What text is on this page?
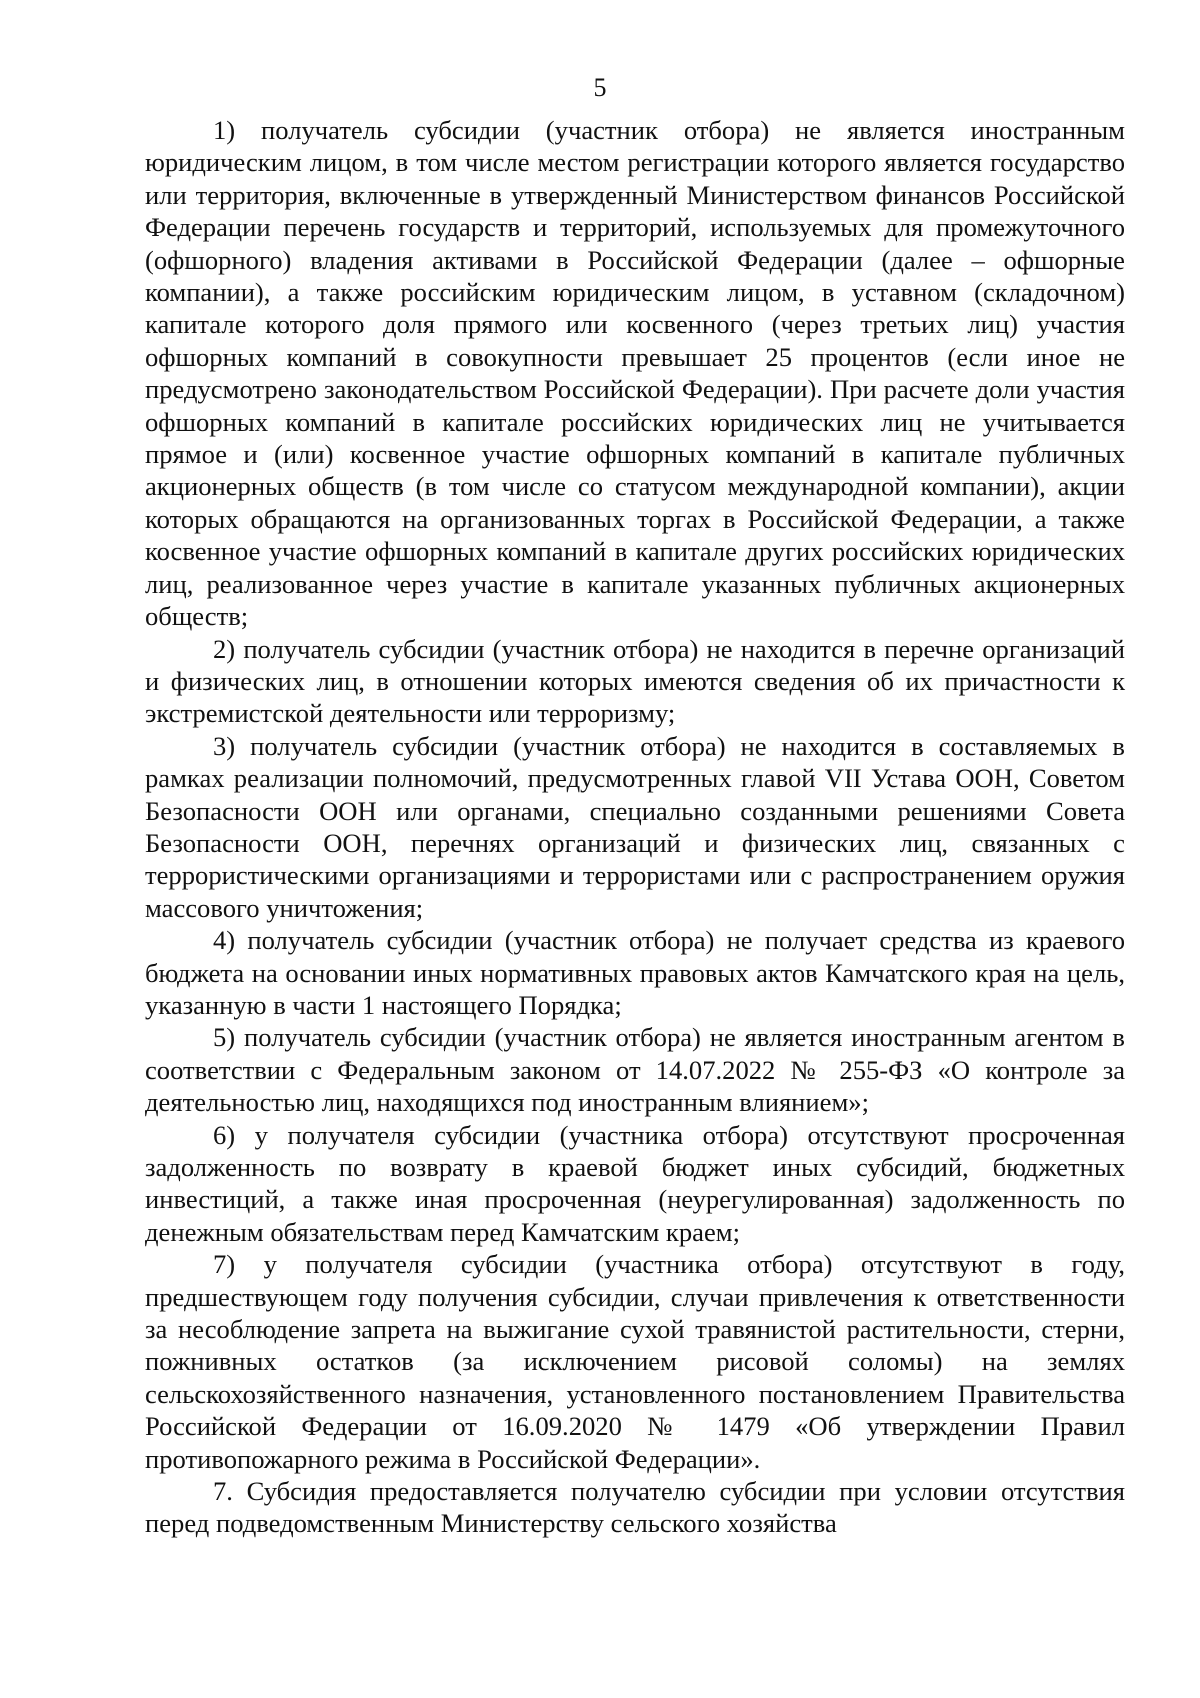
5

1) получатель субсидии (участник отбора) не является иностранным юридическим лицом, в том числе местом регистрации которого является государство или территория, включенные в утвержденный Министерством финансов Российской Федерации перечень государств и территорий, используемых для промежуточного (офшорного) владения активами в Российской Федерации (далее – офшорные компании), а также российским юридическим лицом, в уставном (складочном) капитале которого доля прямого или косвенного (через третьих лиц) участия офшорных компаний в совокупности превышает 25 процентов (если иное не предусмотрено законодательством Российской Федерации). При расчете доли участия офшорных компаний в капитале российских юридических лиц не учитывается прямое и (или) косвенное участие офшорных компаний в капитале публичных акционерных обществ (в том числе со статусом международной компании), акции которых обращаются на организованных торгах в Российской Федерации, а также косвенное участие офшорных компаний в капитале других российских юридических лиц, реализованное через участие в капитале указанных публичных акционерных обществ;

2) получатель субсидии (участник отбора) не находится в перечне организаций и физических лиц, в отношении которых имеются сведения об их причастности к экстремистской деятельности или терроризму;

3) получатель субсидии (участник отбора) не находится в составляемых в рамках реализации полномочий, предусмотренных главой VII Устава ООН, Советом Безопасности ООН или органами, специально созданными решениями Совета Безопасности ООН, перечнях организаций и физических лиц, связанных с террористическими организациями и террористами или с распространением оружия массового уничтожения;

4) получатель субсидии (участник отбора) не получает средства из краевого бюджета на основании иных нормативных правовых актов Камчатского края на цель, указанную в части 1 настоящего Порядка;

5) получатель субсидии (участник отбора) не является иностранным агентом в соответствии с Федеральным законом от 14.07.2022 № 255-ФЗ «О контроле за деятельностью лиц, находящихся под иностранным влиянием»;

6) у получателя субсидии (участника отбора) отсутствуют просроченная задолженность по возврату в краевой бюджет иных субсидий, бюджетных инвестиций, а также иная просроченная (неурегулированная) задолженность по денежным обязательствам перед Камчатским краем;

7) у получателя субсидии (участника отбора) отсутствуют в году, предшествующем году получения субсидии, случаи привлечения к ответственности за несоблюдение запрета на выжигание сухой травянистой растительности, стерни, пожнивных остатков (за исключением рисовой соломы) на землях сельскохозяйственного назначения, установленного постановлением Правительства Российской Федерации от 16.09.2020 № 1479 «Об утверждении Правил противопожарного режима в Российской Федерации».

7. Субсидия предоставляется получателю субсидии при условии отсутствия перед подведомственным Министерству сельского хозяйства
